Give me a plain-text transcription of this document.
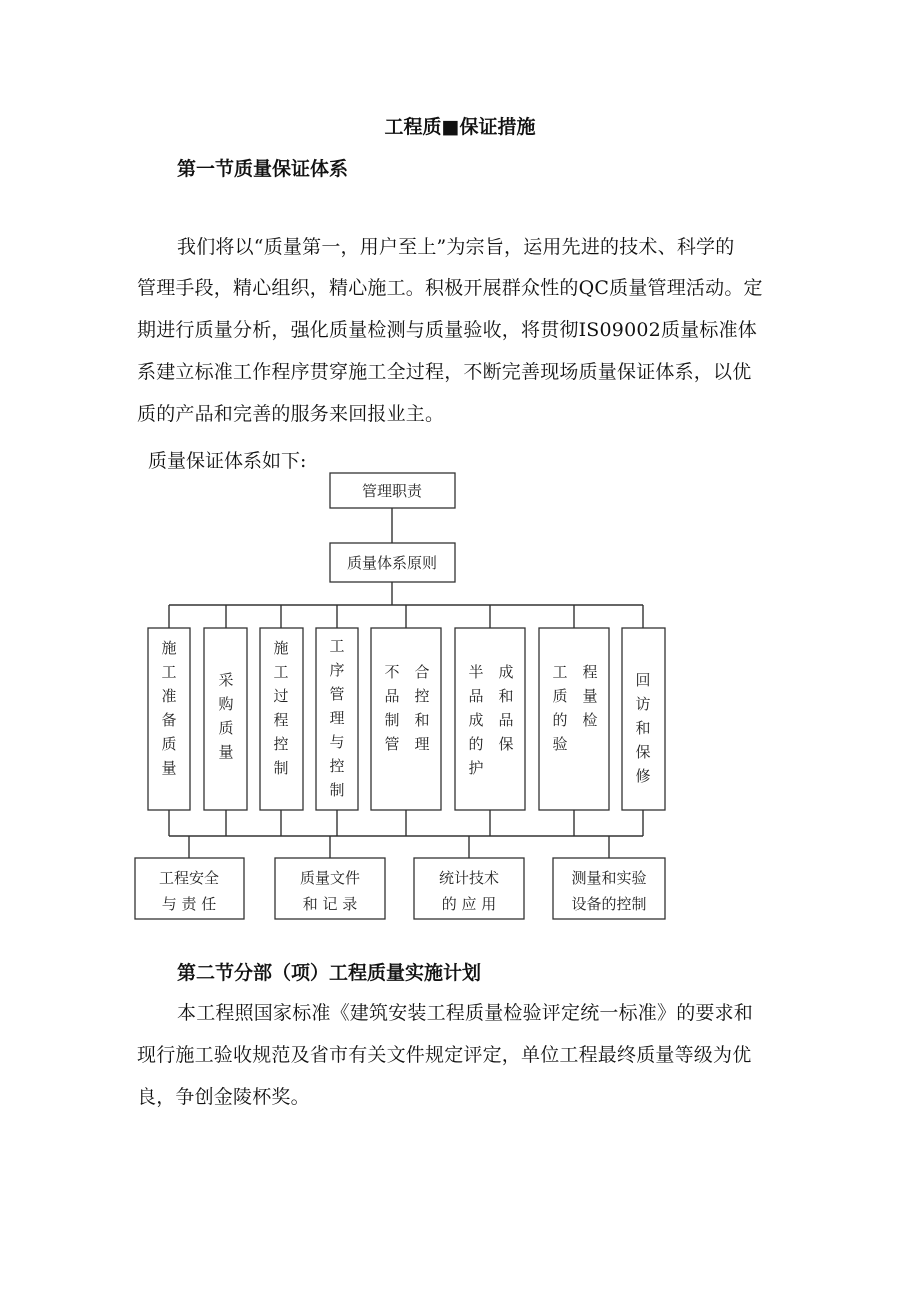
工程质■保证措施
第一节质量保证体系
我们将以“质量第一，用户至上”为宗旨，运用先进的技术、科学的
管理手段，精心组织，精心施工。积极开展群众性的QC质量管理活动。定
期进行质量分析，强化质量检测与质量验收，将贯彻IS09002质量标准体
系建立标准工作程序贯穿施工全过程，不断完善现场质量保证体系，以优
质的产品和完善的服务来回报业主。
质量保证体系如下:
管理职责
质量体系原则
工程安全
与 责 任
质量文件
和 记 录
统计技术
的 应 用
测量和实验
设备的控制
施
工
准
备
质
量
采
购
质
量
施
工
过
程
控
制
工
序
管
理
与
控
制
不
品
制
管
合
控
和
理
半
品
成
的
护
成
和
品
保
工
质
的
验
程
量
检
回
访
和
保
修
第二节分部（项）工程质量实施计划
本工程照国家标准《建筑安装工程质量检验评定统一标准》的要求和
现行施工验收规范及省市有关文件规定评定，单位工程最终质量等级为优
良，争创金陵杯奖。
